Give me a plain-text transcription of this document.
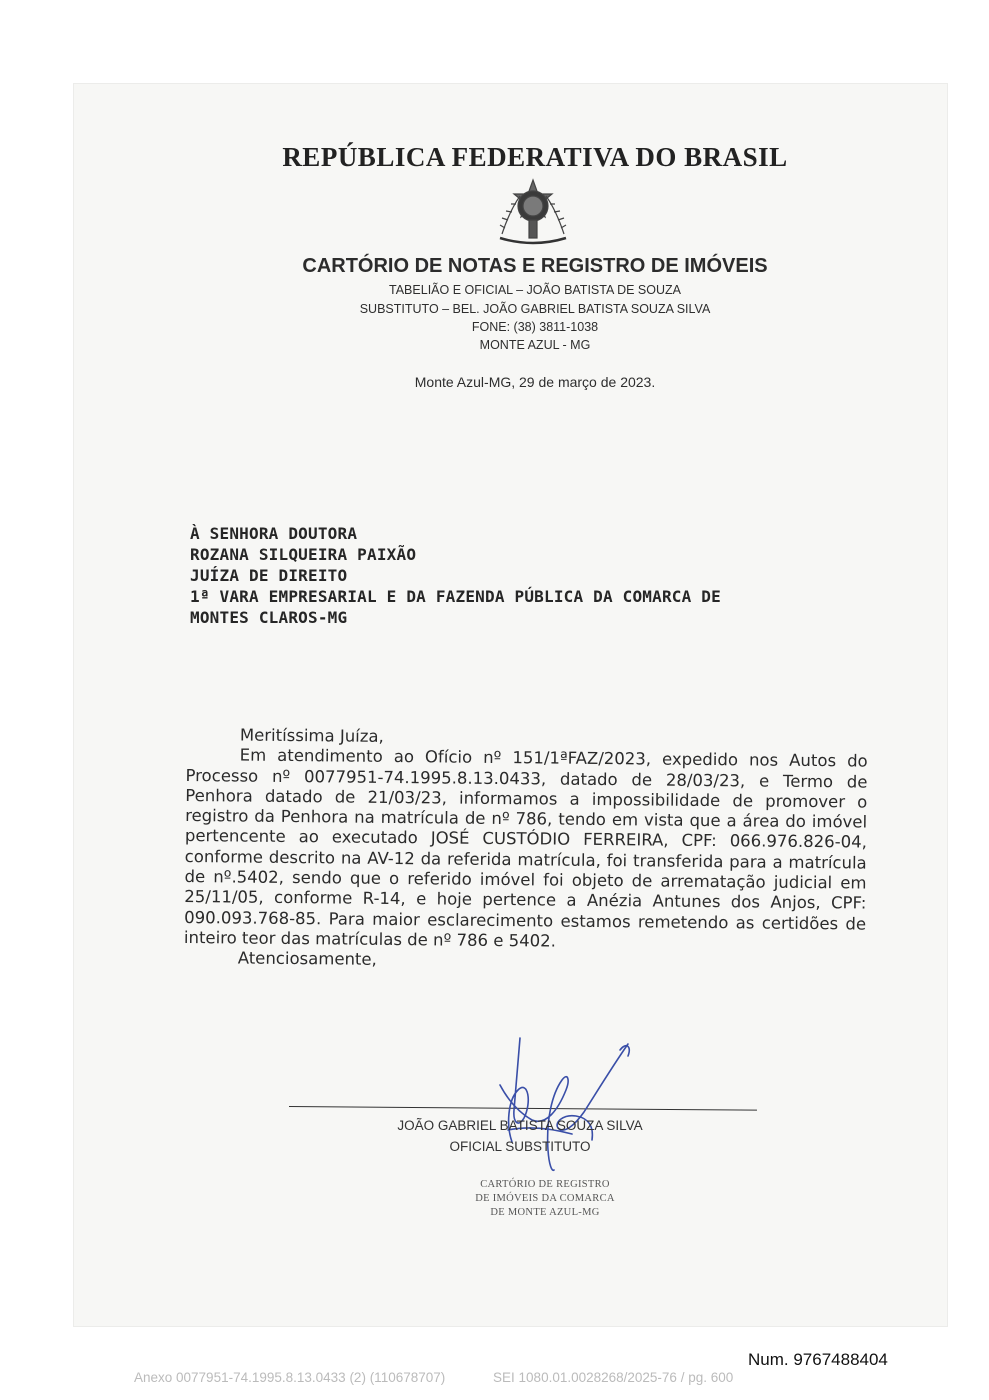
REPÚBLICA FEDERATIVA DO BRASIL
CARTÓRIO DE NOTAS E REGISTRO DE IMÓVEIS
TABELIÃO E OFICIAL – JOÃO BATISTA DE SOUZA
SUBSTITUTO – BEL. JOÃO GABRIEL BATISTA SOUZA SILVA
FONE: (38) 3811-1038
MONTE AZUL - MG
Monte Azul-MG, 29 de março de 2023.
À SENHORA DOUTORA
ROZANA SILQUEIRA PAIXÃO
JUÍZA DE DIREITO
1ª VARA EMPRESARIAL E DA FAZENDA PÚBLICA DA COMARCA DE
MONTES CLAROS-MG

Meritíssima Juíza,

Em atendimento ao Ofício nº 151/1ªFAZ/2023, expedido nos Autos do Processo nº 0077951-74.1995.8.13.0433, datado de 28/03/23, e Termo de Penhora datado de 21/03/23, informamos a impossibilidade de promover o registro da Penhora na matrícula de nº 786, tendo em vista que a área do imóvel pertencente ao executado JOSÉ CUSTÓDIO FERREIRA, CPF: 066.976.826-04, conforme descrito na AV-12 da referida matrícula, foi transferida para a matrícula de nº.5402, sendo que o referido imóvel foi objeto de arrematação judicial em 25/11/05, conforme R-14, e hoje pertence a Anézia Antunes dos Anjos, CPF: 090.093.768-85. Para maior esclarecimento estamos remetendo as certidões de inteiro teor das matrículas de nº 786 e 5402.

Atenciosamente,

JOÃO GABRIEL BATISTA SOUZA SILVA
OFICIAL SUBSTITUTO
CARTÓRIO DE REGISTRO
DE IMÓVEIS DA COMARCA
DE MONTE AZUL-MG
Num. 9767488404
Anexo 0077951-74.1995.8.13.0433 (2) (110678707)	SEI 1080.01.0028268/2025-76 / pg. 600
